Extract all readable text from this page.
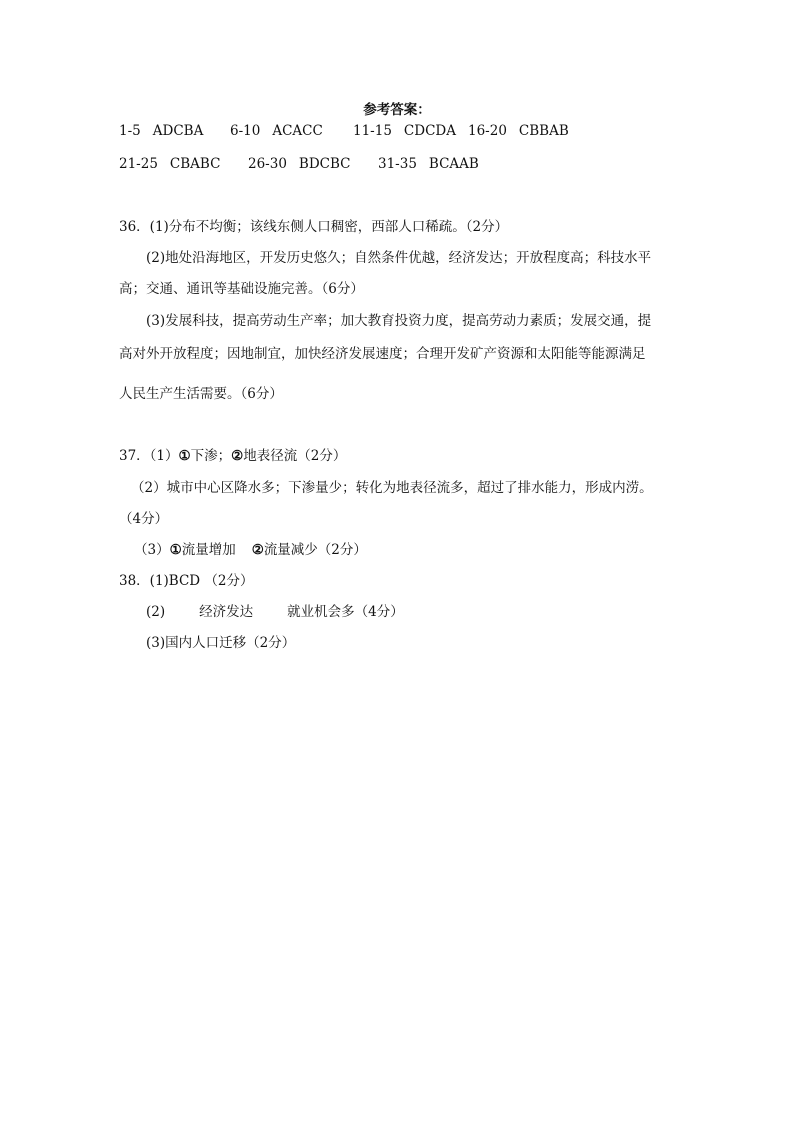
参考答案：
1-5 ADCBA 6-10 ACACC 11-15 CDCDA 16-20 CBBAB
21-25 CBABC 26-30 BDCBC 31-35 BCAAB
36．(1)分布不均衡；该线东侧人口稠密，西部人口稀疏。（2分）
(2)地处沿海地区，开发历史悠久；自然条件优越，经济发达；开放程度高；科技水平
高；交通、通讯等基础设施完善。（6分）
(3)发展科技，提高劳动生产率；加大教育投资力度，提高劳动力素质；发展交通，提
高对外开放程度；因地制宜，加快经济发展速度；合理开发矿产资源和太阳能等能源满足
人民生产生活需要。（6分）
37．（1）①下渗；②地表径流（2分）
（2）城市中心区降水多；下渗量少；转化为地表径流多，超过了排水能力，形成内涝。
（4分）
（3）①流量增加 ②流量减少（2分）
38．(1)BCD （2分）
(2)	经济发达	就业机会多（4分）
(3)国内人口迁移（2分）
